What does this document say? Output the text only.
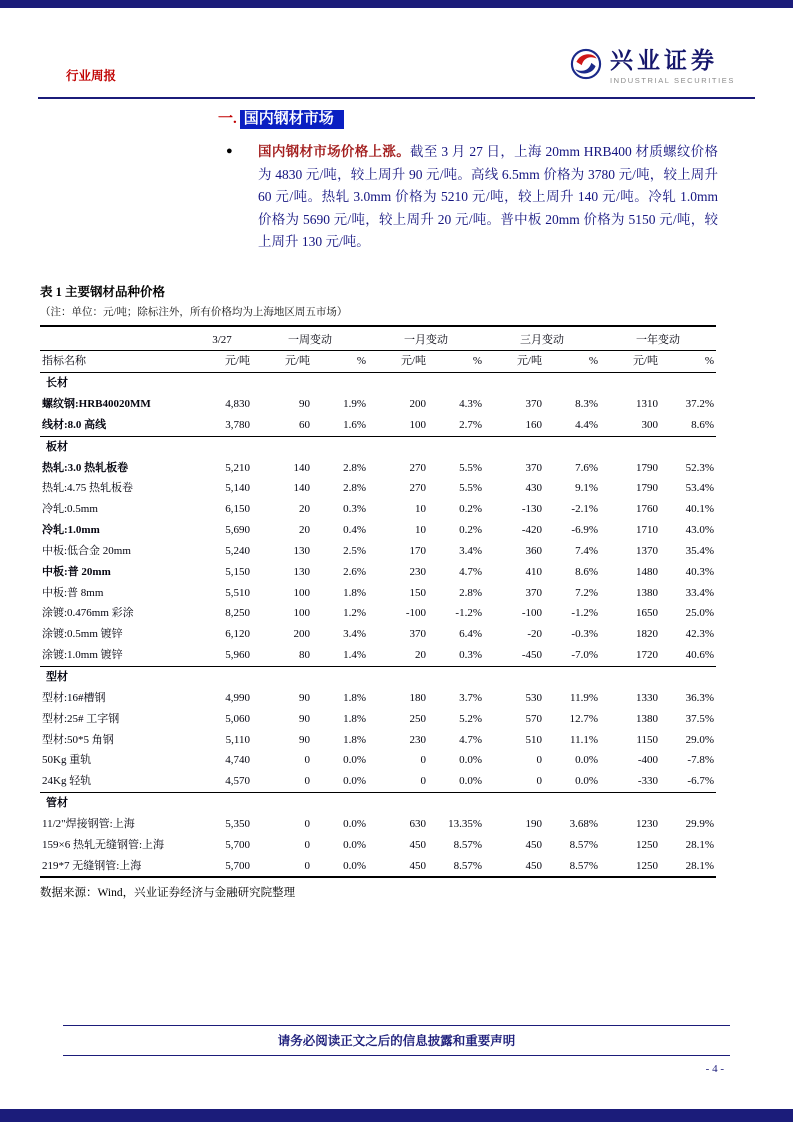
行业周报
兴业证券
INDUSTRIAL SECURITIES
一. 国内钢材市场
● 国内钢材市场价格上涨。截至 3 月 27 日，上海 20mm HRB400 材质螺纹价格为 4830 元/吨，较上周升 90 元/吨。高线 6.5mm 价格为 3780 元/吨，较上周升 60 元/吨。热轧 3.0mm 价格为 5210 元/吨，较上周升 140 元/吨。冷轧 1.0mm 价格为 5690 元/吨，较上周升 20 元/吨。普中板 20mm 价格为 5150 元/吨，较上周升 130 元/吨。

表 1 主要钢材品种价格
（注：单位：元/吨；除标注外，所有价格均为上海地区周五市场）
	3/27	一周变动		一月变动		三月变动		一年变动	
指标名称	元/吨	元/吨	%	元/吨	%	元/吨	%	元/吨	%
长材									
螺纹钢:HRB40020MM	4,830	90	1.9%	200	4.3%	370	8.3%	1310	37.2%
线材:8.0 高线	3,780	60	1.6%	100	2.7%	160	4.4%	300	8.6%
板材									
热轧:3.0 热轧板卷	5,210	140	2.8%	270	5.5%	370	7.6%	1790	52.3%
热轧:4.75 热轧板卷	5,140	140	2.8%	270	5.5%	430	9.1%	1790	53.4%
冷轧:0.5mm	6,150	20	0.3%	10	0.2%	-130	-2.1%	1760	40.1%
冷轧:1.0mm	5,690	20	0.4%	10	0.2%	-420	-6.9%	1710	43.0%
中板:低合金 20mm	5,240	130	2.5%	170	3.4%	360	7.4%	1370	35.4%
中板:普 20mm	5,150	130	2.6%	230	4.7%	410	8.6%	1480	40.3%
中板:普 8mm	5,510	100	1.8%	150	2.8%	370	7.2%	1380	33.4%
涂镀:0.476mm 彩涂	8,250	100	1.2%	-100	-1.2%	-100	-1.2%	1650	25.0%
涂镀:0.5mm 镀锌	6,120	200	3.4%	370	6.4%	-20	-0.3%	1820	42.3%
涂镀:1.0mm 镀锌	5,960	80	1.4%	20	0.3%	-450	-7.0%	1720	40.6%
型材									
型材:16#槽钢	4,990	90	1.8%	180	3.7%	530	11.9%	1330	36.3%
型材:25# 工字钢	5,060	90	1.8%	250	5.2%	570	12.7%	1380	37.5%
型材:50*5 角钢	5,110	90	1.8%	230	4.7%	510	11.1%	1150	29.0%
50Kg 重轨	4,740	0	0.0%	0	0.0%	0	0.0%	-400	-7.8%
24Kg 轻轨	4,570	0	0.0%	0	0.0%	0	0.0%	-330	-6.7%
管材									
11/2"焊接钢管:上海	5,350	0	0.0%	630	13.35%	190	3.68%	1230	29.9%
159×6 热轧无缝钢管:上海	5,700	0	0.0%	450	8.57%	450	8.57%	1250	28.1%
219*7 无缝钢管:上海	5,700	0	0.0%	450	8.57%	450	8.57%	1250	28.1%
数据来源：Wind，兴业证券经济与金融研究院整理
请务必阅读正文之后的信息披露和重要声明
- 4 -
